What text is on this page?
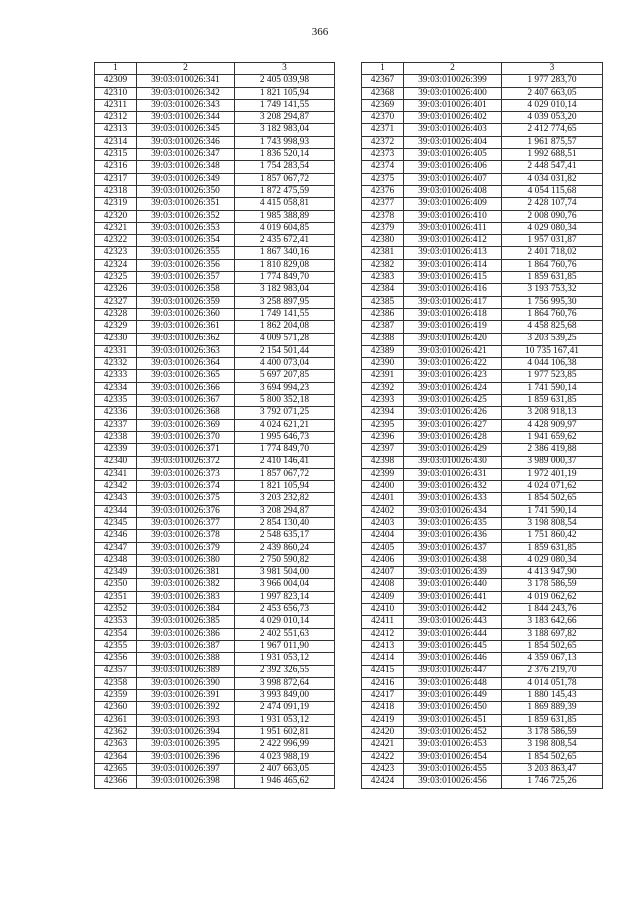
366
1	2	3
42309	39:03:010026:341	2 405 039,98
42310	39:03:010026:342	1 821 105,94
42311	39:03:010026:343	1 749 141,55
42312	39:03:010026:344	3 208 294,87
42313	39:03:010026:345	3 182 983,04
42314	39:03:010026:346	1 743 998,93
42315	39:03:010026:347	1 836 520,14
42316	39:03:010026:348	1 754 283,54
42317	39:03:010026:349	1 857 067,72
42318	39:03:010026:350	1 872 475,59
42319	39:03:010026:351	4 415 058,81
42320	39:03:010026:352	1 985 388,89
42321	39:03:010026:353	4 019 604,85
42322	39:03:010026:354	2 435 672,41
42323	39:03:010026:355	1 867 340,16
42324	39:03:010026:356	1 810 829,08
42325	39:03:010026:357	1 774 849,70
42326	39:03:010026:358	3 182 983,04
42327	39:03:010026:359	3 258 897,95
42328	39:03:010026:360	1 749 141,55
42329	39:03:010026:361	1 862 204,08
42330	39:03:010026:362	4 009 571,28
42331	39:03:010026:363	2 154 501,44
42332	39:03:010026:364	4 400 073,04
42333	39:03:010026:365	5 697 207,85
42334	39:03:010026:366	3 694 994,23
42335	39:03:010026:367	5 800 352,18
42336	39:03:010026:368	3 792 071,25
42337	39:03:010026:369	4 024 621,21
42338	39:03:010026:370	1 995 646,73
42339	39:03:010026:371	1 774 849,70
42340	39:03:010026:372	2 410 146,41
42341	39:03:010026:373	1 857 067,72
42342	39:03:010026:374	1 821 105,94
42343	39:03:010026:375	3 203 232,82
42344	39:03:010026:376	3 208 294,87
42345	39:03:010026:377	2 854 130,40
42346	39:03:010026:378	2 548 635,17
42347	39:03:010026:379	2 439 860,24
42348	39:03:010026:380	2 750 590,82
42349	39:03:010026:381	3 981 504,00
42350	39:03:010026:382	3 966 004,04
42351	39:03:010026:383	1 997 823,14
42352	39:03:010026:384	2 453 656,73
42353	39:03:010026:385	4 029 010,14
42354	39:03:010026:386	2 402 551,63
42355	39:03:010026:387	1 967 011,90
42356	39:03:010026:388	1 931 053,12
42357	39:03:010026:389	2 392 326,55
42358	39:03:010026:390	3 998 872,64
42359	39:03:010026:391	3 993 849,00
42360	39:03:010026:392	2 474 091,19
42361	39:03:010026:393	1 931 053,12
42362	39:03:010026:394	1 951 602,81
42363	39:03:010026:395	2 422 996,99
42364	39:03:010026:396	4 023 988,19
42365	39:03:010026:397	2 407 663,05
42366	39:03:010026:398	1 946 465,62
1	2	3
42367	39:03:010026:399	1 977 283,70
42368	39:03:010026:400	2 407 663,05
42369	39:03:010026:401	4 029 010,14
42370	39:03:010026:402	4 039 053,20
42371	39:03:010026:403	2 412 774,65
42372	39:03:010026:404	1 961 875,57
42373	39:03:010026:405	1 992 688,51
42374	39:03:010026:406	2 448 547,41
42375	39:03:010026:407	4 034 031,82
42376	39:03:010026:408	4 054 115,68
42377	39:03:010026:409	2 428 107,74
42378	39:03:010026:410	2 008 090,76
42379	39:03:010026:411	4 029 080,34
42380	39:03:010026:412	1 957 031,87
42381	39:03:010026:413	2 401 718,02
42382	39:03:010026:414	1 864 760,76
42383	39:03:010026:415	1 859 631,85
42384	39:03:010026:416	3 193 753,32
42385	39:03:010026:417	1 756 995,30
42386	39:03:010026:418	1 864 760,76
42387	39:03:010026:419	4 458 825,68
42388	39:03:010026:420	3 203 539,25
42389	39:03:010026:421	10 735 167,41
42390	39:03:010026:422	4 044 106,38
42391	39:03:010026:423	1 977 523,85
42392	39:03:010026:424	1 741 590,14
42393	39:03:010026:425	1 859 631,85
42394	39:03:010026:426	3 208 918,13
42395	39:03:010026:427	4 428 909,97
42396	39:03:010026:428	1 941 659,62
42397	39:03:010026:429	2 386 419,88
42398	39:03:010026:430	3 989 000,37
42399	39:03:010026:431	1 972 401,19
42400	39:03:010026:432	4 024 071,62
42401	39:03:010026:433	1 854 502,65
42402	39:03:010026:434	1 741 590,14
42403	39:03:010026:435	3 198 808,54
42404	39:03:010026:436	1 751 860,42
42405	39:03:010026:437	1 859 631,85
42406	39:03:010026:438	4 029 080,34
42407	39:03:010026:439	4 413 947,90
42408	39:03:010026:440	3 178 586,59
42409	39:03:010026:441	4 019 062,62
42410	39:03:010026:442	1 844 243,76
42411	39:03:010026:443	3 183 642,66
42412	39:03:010026:444	3 188 697,82
42413	39:03:010026:445	1 854 502,65
42414	39:03:010026:446	4 359 067,13
42415	39:03:010026:447	2 376 219,70
42416	39:03:010026:448	4 014 051,78
42417	39:03:010026:449	1 880 145,43
42418	39:03:010026:450	1 869 889,39
42419	39:03:010026:451	1 859 631,85
42420	39:03:010026:452	3 178 586,59
42421	39:03:010026:453	3 198 808,54
42422	39:03:010026:454	1 854 502,65
42423	39:03:010026:455	3 203 863,47
42424	39:03:010026:456	1 746 725,26
